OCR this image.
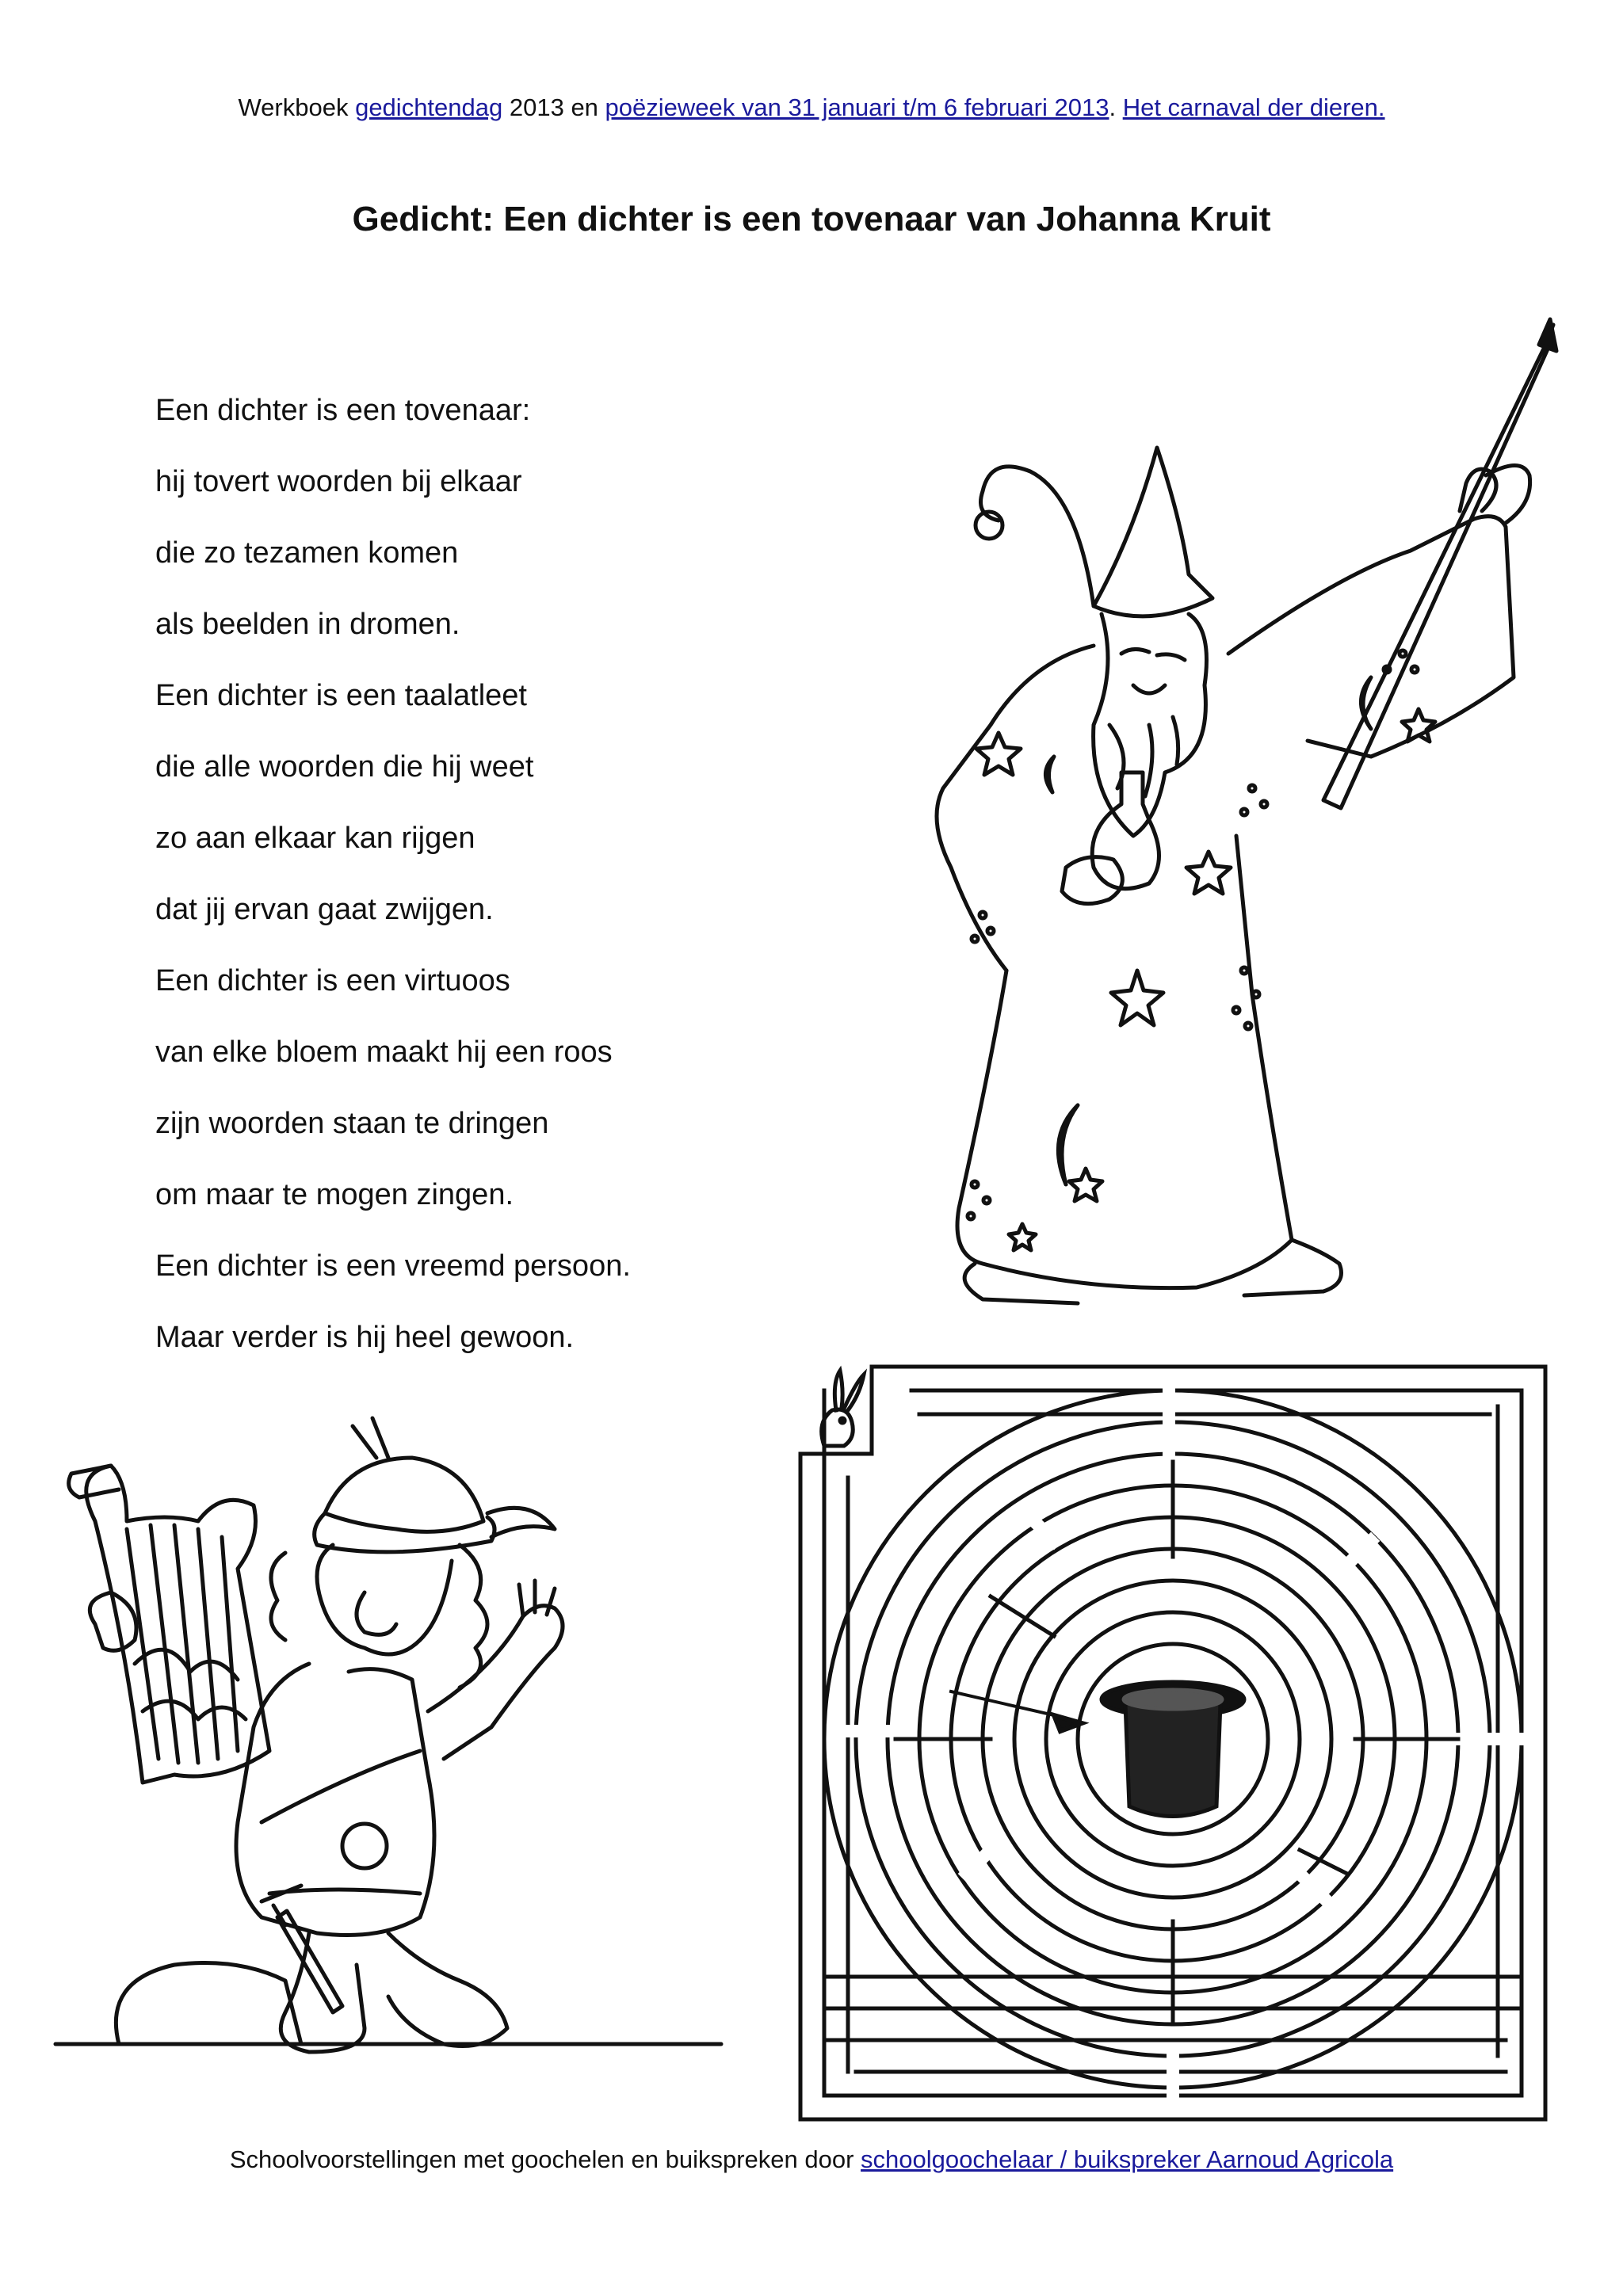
Werkboek gedichtendag 2013 en poëzieweek van 31 januari t/m 6 februari 2013. Het carnaval der dieren.
Gedicht: Een dichter is een tovenaar van Johanna Kruit
Een dichter is een tovenaar:
hij tovert woorden bij elkaar
die zo tezamen komen
als beelden in dromen.
Een dichter is een taalatleet
die alle woorden die hij weet
zo aan elkaar kan rijgen
dat jij ervan gaat zwijgen.
Een dichter is een virtuoos
van elke bloem maakt hij een roos
zijn woorden staan te dringen
om maar te mogen zingen.
Een dichter is een vreemd persoon.
Maar verder is hij heel gewoon.
Schoolvoorstellingen met goochelen en buikspreken door schoolgoochelaar / buikspreker Aarnoud Agricola
